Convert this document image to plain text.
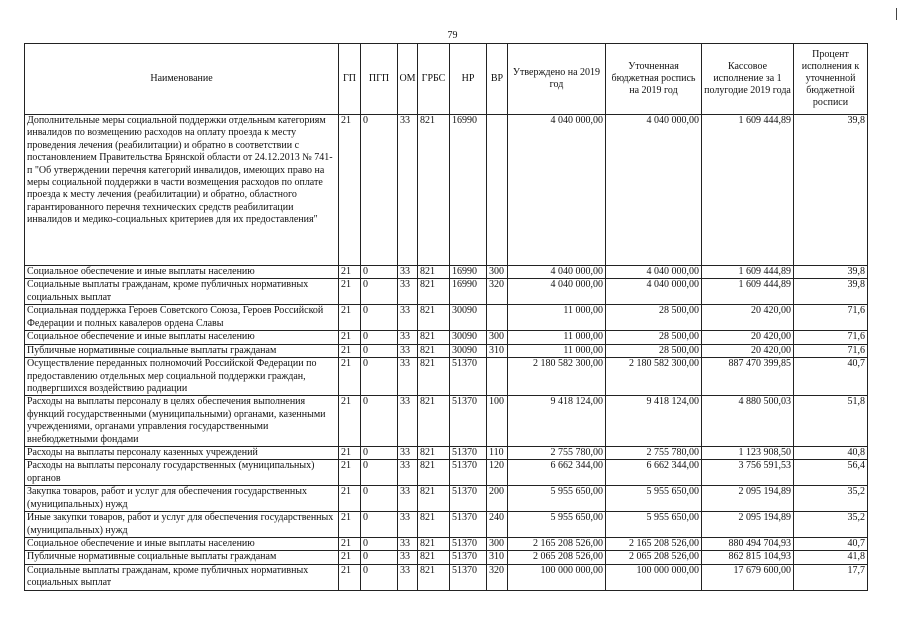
79
Наименование	ГП	ПГП	ОМ	ГРБС	НР	ВР	Утверждено на 2019 год	Уточненная бюджетная роспись на 2019 год	Кассовое исполнение за 1 полугодие 2019 года	Процент исполнения к уточненной бюджетной росписи
Дополнительные меры социальной поддержки отдельным категориям инвалидов по возмещению расходов на оплату проезда к месту проведения лечения (реабилитации) и обратно в соответствии с постановлением Правительства Брянской области от 24.12.2013 № 741-п "Об утверждении перечня категорий инвалидов, имеющих право на меры социальной поддержки в части возмещения расходов по оплате проезда к месту лечения (реабилитации) и обратно, областного гарантированного перечня технических средств реабилитации инвалидов и медико-социальных критериев для их предоставления"	21	0	33	821	16990		4 040 000,00	4 040 000,00	1 609 444,89	39,8
Социальное обеспечение и иные выплаты населению	21	0	33	821	16990	300	4 040 000,00	4 040 000,00	1 609 444,89	39,8
Социальные выплаты гражданам, кроме публичных нормативных социальных выплат	21	0	33	821	16990	320	4 040 000,00	4 040 000,00	1 609 444,89	39,8
Социальная поддержка Героев Советского Союза, Героев Российской Федерации и полных кавалеров ордена Славы	21	0	33	821	30090		11 000,00	28 500,00	20 420,00	71,6
Социальное обеспечение и иные выплаты населению	21	0	33	821	30090	300	11 000,00	28 500,00	20 420,00	71,6
Публичные нормативные социальные выплаты гражданам	21	0	33	821	30090	310	11 000,00	28 500,00	20 420,00	71,6
Осуществление переданных полномочий Российской Федерации по предоставлению отдельных мер социальной поддержки граждан, подвергшихся воздействию радиации	21	0	33	821	51370		2 180 582 300,00	2 180 582 300,00	887 470 399,85	40,7
Расходы на выплаты персоналу в целях обеспечения выполнения функций государственными (муниципальными) органами, казенными учреждениями, органами управления государственными внебюджетными фондами	21	0	33	821	51370	100	9 418 124,00	9 418 124,00	4 880 500,03	51,8
Расходы на выплаты персоналу казенных учреждений	21	0	33	821	51370	110	2 755 780,00	2 755 780,00	1 123 908,50	40,8
Расходы на выплаты персоналу государственных (муниципальных) органов	21	0	33	821	51370	120	6 662 344,00	6 662 344,00	3 756 591,53	56,4
Закупка товаров, работ и услуг для обеспечения государственных (муниципальных) нужд	21	0	33	821	51370	200	5 955 650,00	5 955 650,00	2 095 194,89	35,2
Иные закупки товаров, работ и услуг для обеспечения государственных (муниципальных) нужд	21	0	33	821	51370	240	5 955 650,00	5 955 650,00	2 095 194,89	35,2
Социальное обеспечение и иные выплаты населению	21	0	33	821	51370	300	2 165 208 526,00	2 165 208 526,00	880 494 704,93	40,7
Публичные нормативные социальные выплаты гражданам	21	0	33	821	51370	310	2 065 208 526,00	2 065 208 526,00	862 815 104,93	41,8
Социальные выплаты гражданам, кроме публичных нормативных социальных выплат	21	0	33	821	51370	320	100 000 000,00	100 000 000,00	17 679 600,00	17,7
